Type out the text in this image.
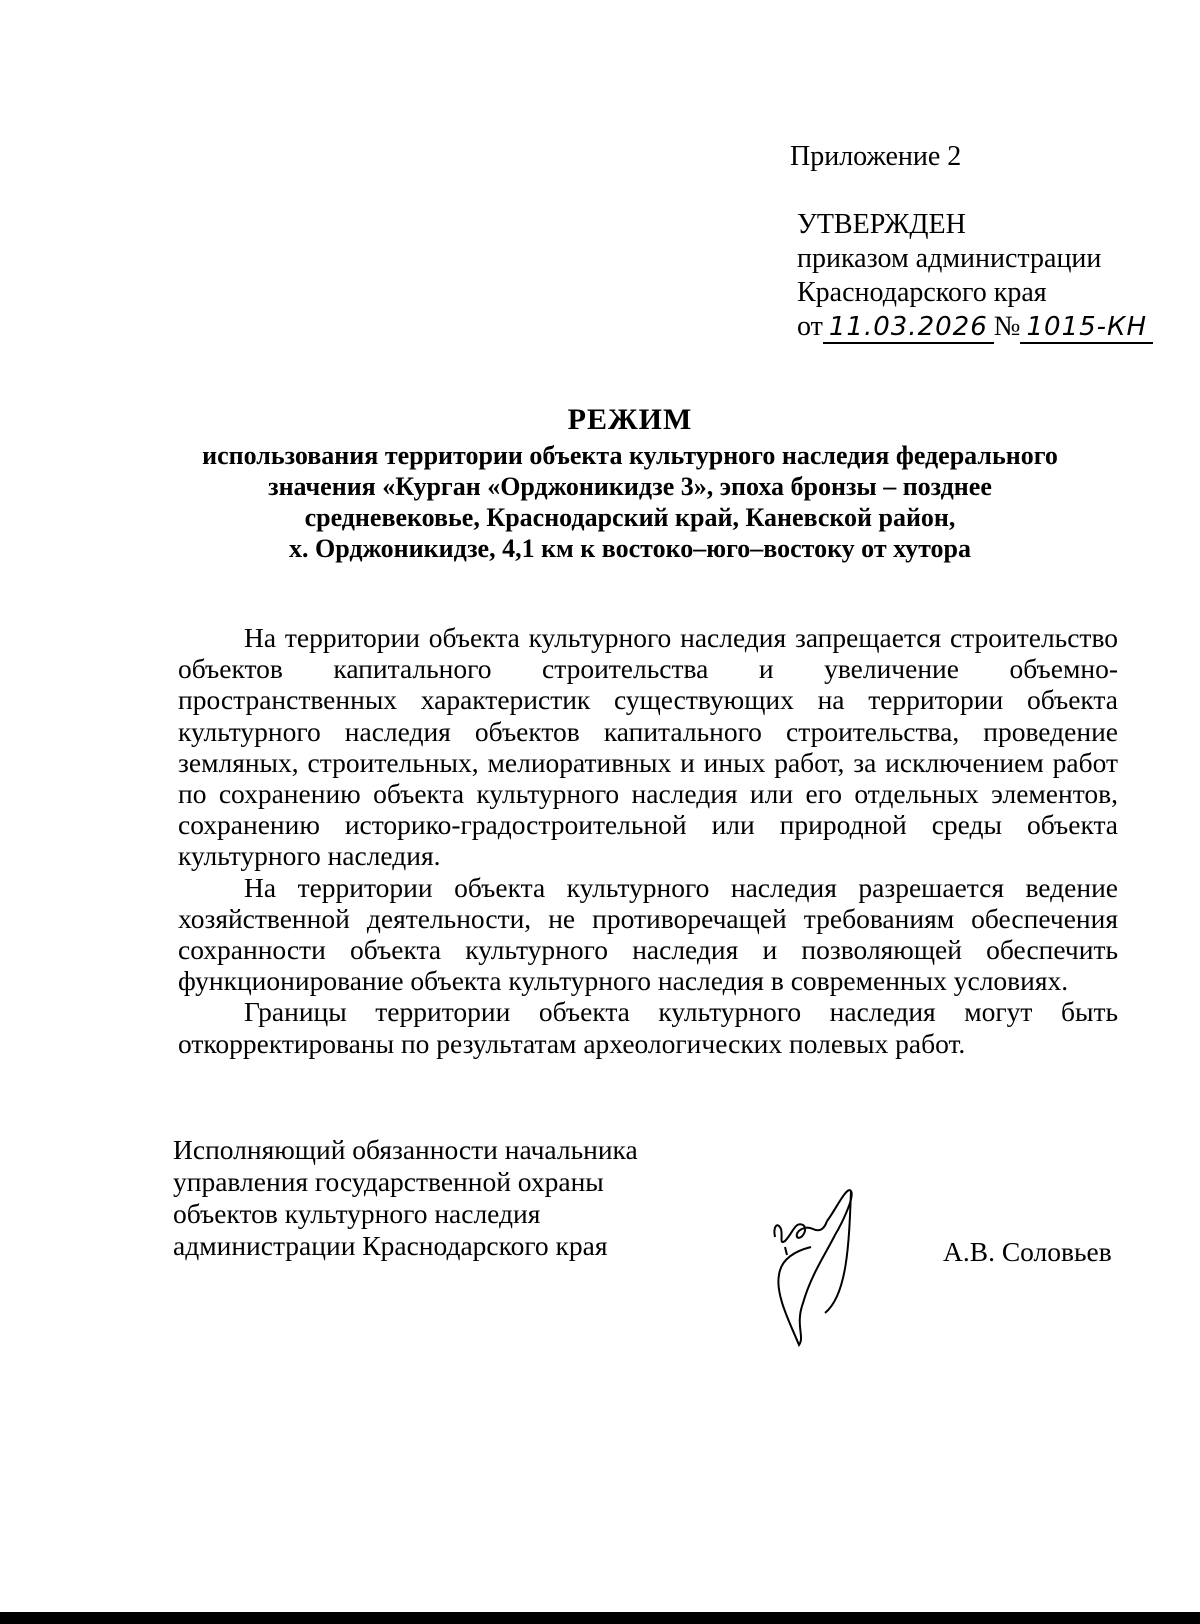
Приложение 2
УТВЕРЖДЕН
приказом администрации
Краснодарского края
от 11.03.2026 № 1015-КН
РЕЖИМ
использования территории объекта культурного наследия федерального
значения «Курган «Орджоникидзе 3», эпоха бронзы – позднее
средневековье, Краснодарский край, Каневской район,
х. Орджоникидзе, 4,1 км к востоко–юго–востоку от хутора

На территории объекта культурного наследия запрещается строительство объектов капитального строительства и увеличение объемно-пространственных характеристик существующих на территории объекта культурного наследия объектов капитального строительства, проведение земляных, строительных, мелиоративных и иных работ, за исключением работ по сохранению объекта культурного наследия или его отдельных элементов, сохранению историко-градостроительной или природной среды объекта культурного наследия.

На территории объекта культурного наследия разрешается ведение хозяйственной деятельности, не противоречащей требованиям обеспечения сохранности объекта культурного наследия и позволяющей обеспечить функционирование объекта культурного наследия в современных условиях.

Границы территории объекта культурного наследия могут быть откорректированы по результатам археологических полевых работ.

Исполняющий обязанности начальника
управления государственной охраны
объектов культурного наследия
администрации Краснодарского края	А.В. Соловьев
